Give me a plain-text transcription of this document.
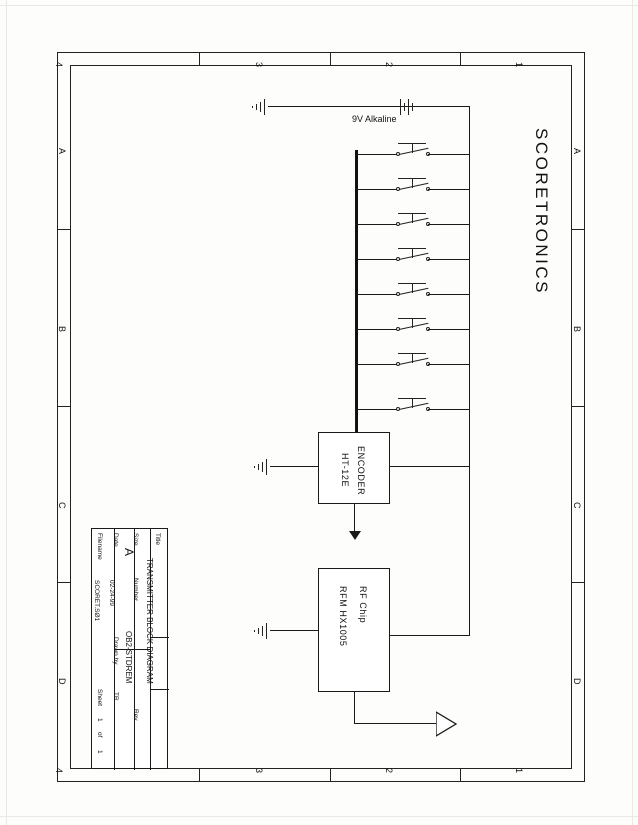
4	3	2	1
4	3	2	1
A
B
C
D
A
B
C
D
SCORETRONICS
9V Alkaline
ENCODER
HT-12E
RF Chip
RFM HX1005
Title
TRANSMITTER BLOCK DIAGRAM
Size
A
Number
OB2-STDREM
Rev
Date
02-24-99
Filename
SCORET.SØ1
Drawn by
TR
Sheet
1
of
1
